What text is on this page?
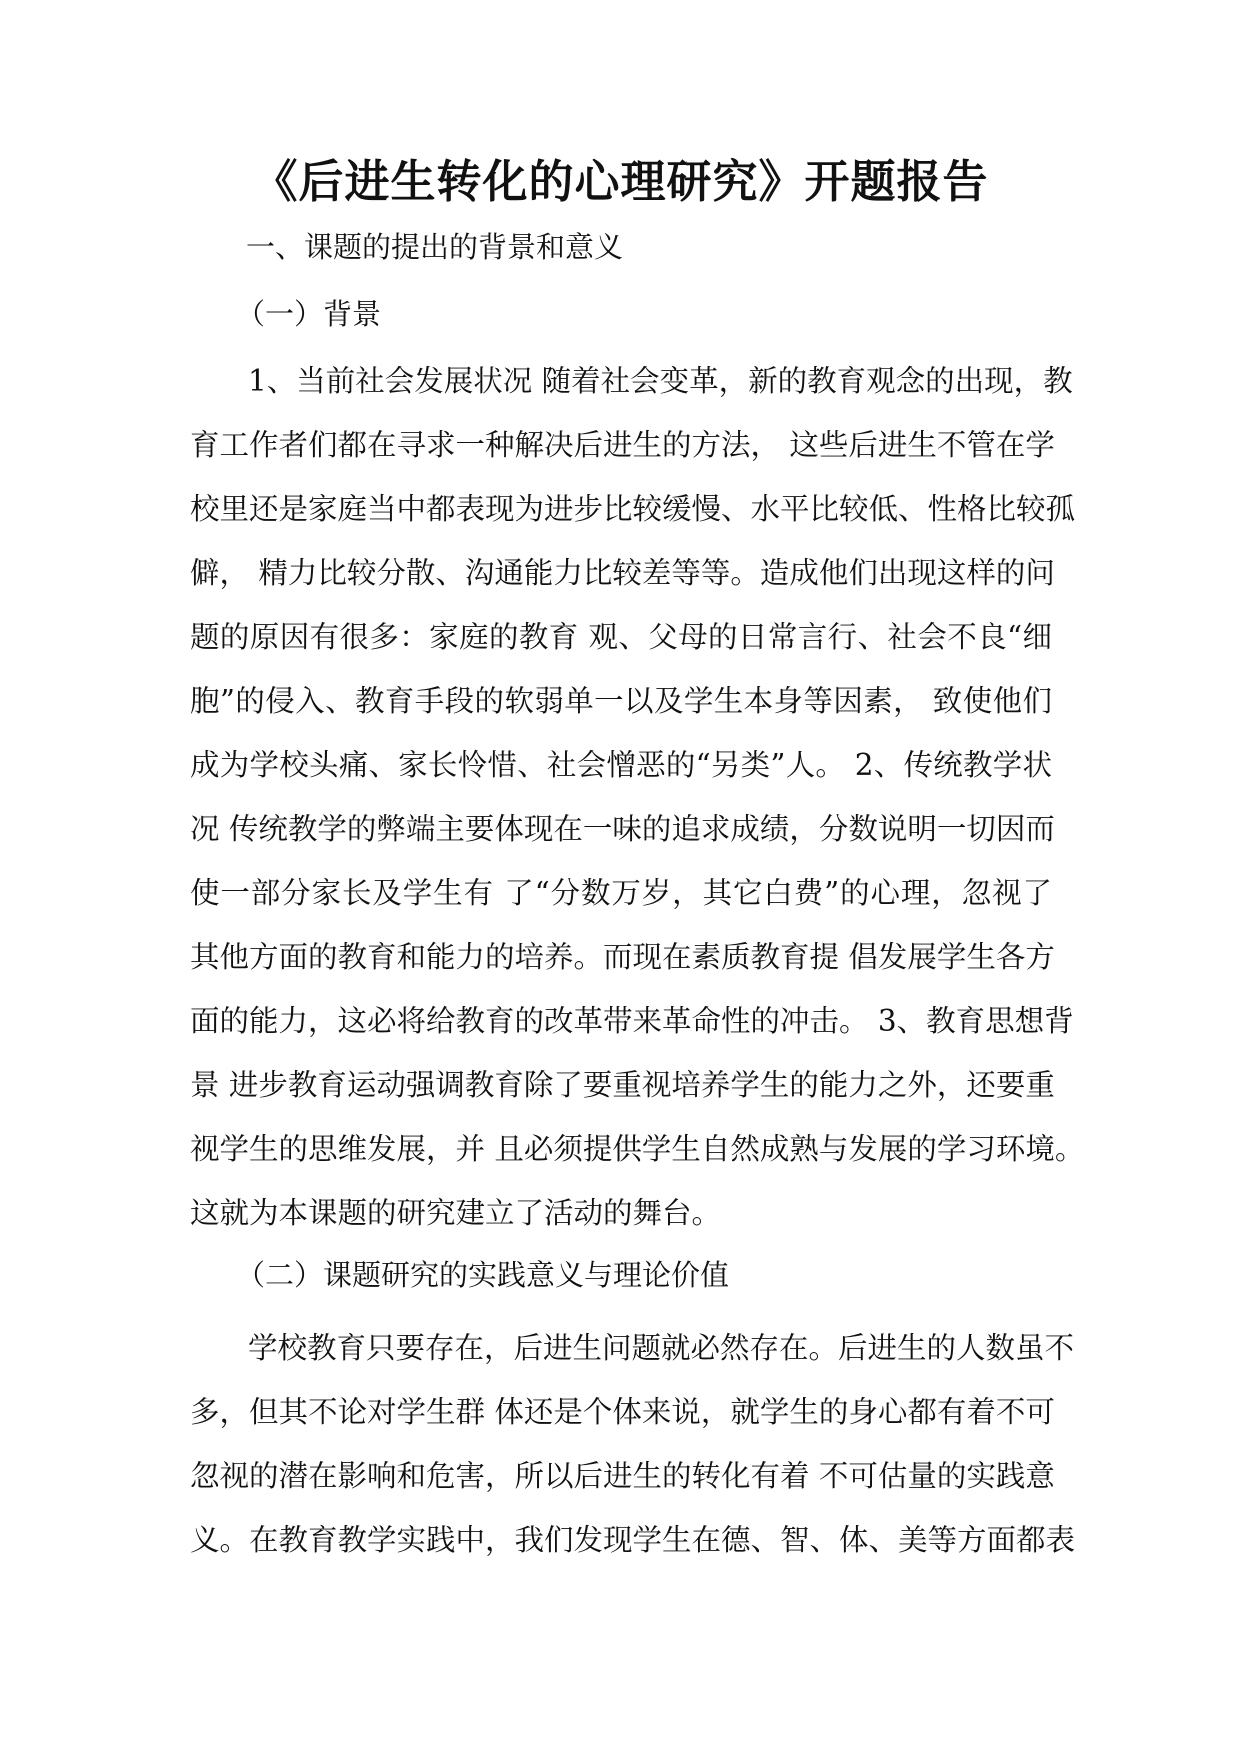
《后进生转化的心理研究》开题报告

一、课题的提出的背景和意义

（一）背景

1、当前社会发展状况 随着社会变革，新的教育观念的出现，教
育工作者们都在寻求一种解决后进生的方法， 这些后进生不管在学
校里还是家庭当中都表现为进步比较缓慢、水平比较低、性格比较孤
僻， 精力比较分散、沟通能力比较差等等。造成他们出现这样的问
题的原因有很多：家庭的教育 观、父母的日常言行、社会不良“细
胞”的侵入、教育手段的软弱单一以及学生本身等因素， 致使他们
成为学校头痛、家长怜惜、社会憎恶的“另类”人。 2、传统教学状
况 传统教学的弊端主要体现在一味的追求成绩，分数说明一切因而
使一部分家长及学生有 了“分数万岁，其它白费”的心理，忽视了
其他方面的教育和能力的培养。而现在素质教育提 倡发展学生各方
面的能力，这必将给教育的改革带来革命性的冲击。 3、教育思想背
景 进步教育运动强调教育除了要重视培养学生的能力之外，还要重
视学生的思维发展，并 且必须提供学生自然成熟与发展的学习环境。
这就为本课题的研究建立了活动的舞台。

（二）课题研究的实践意义与理论价值

学校教育只要存在，后进生问题就必然存在。后进生的人数虽不
多，但其不论对学生群 体还是个体来说，就学生的身心都有着不可
忽视的潜在影响和危害，所以后进生的转化有着 不可估量的实践意
义。在教育教学实践中，我们发现学生在德、智、体、美等方面都表
